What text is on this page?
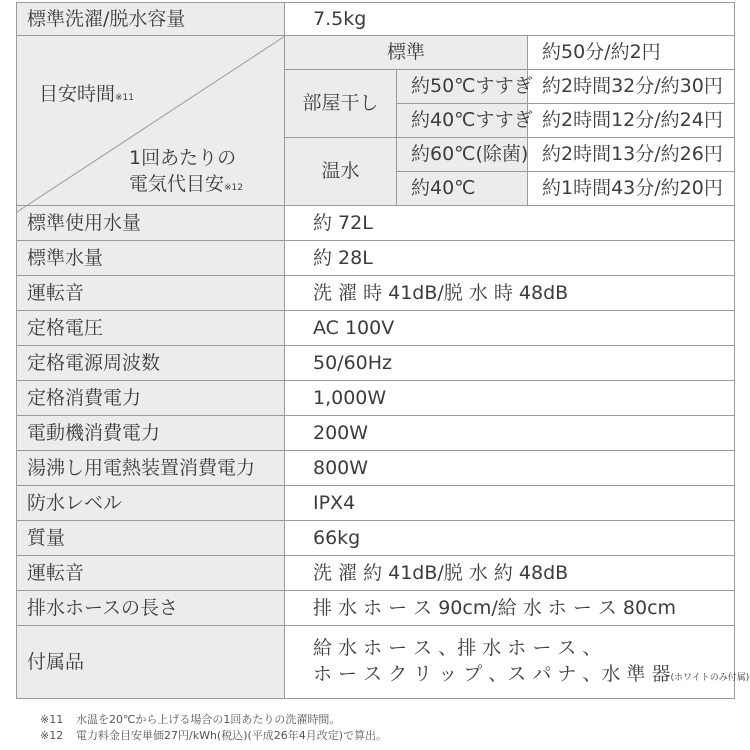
標準洗濯/脱水容量	7.5kg		

目安時間※11
1回あたりの
電気代目安※12	標準		約50分/約2円
	部屋干し	約50℃すすぎ	約2時間32分/約30円
		約40℃すすぎ	約2時間12分/約24円
	温水	約60℃(除菌)	約2時間13分/約26円
		約40℃	約1時間43分/約20円
標準使用水量	約 72L		
標準水量	約 28L		
運転音	洗 濯 時 41dB/脱 水 時 48dB		
定格電圧	AC 100V		
定格電源周波数	50/60Hz		
定格消費電力	1,000W		
電動機消費電力	200W		
湯沸し用電熱装置消費電力	800W		
防水レベル	IPX4		
質量	66kg		
運転音	洗 濯 約 41dB/脱 水 約 48dB		
排水ホースの長さ	排 水 ホ ー ス 90cm/給 水 ホ ー ス 80cm		
付属品	給 水 ホ ー ス 、排 水 ホ ー ス 、
ホ ー ス ク リ ッ プ 、ス パ ナ 、水 準 器(ホワイトのみ付属)		
※11 水温を20℃から上げる場合の1回あたりの洗濯時間。
※12 電力料金目安単価27円/kWh(税込)(平成26年4月改定)で算出。
